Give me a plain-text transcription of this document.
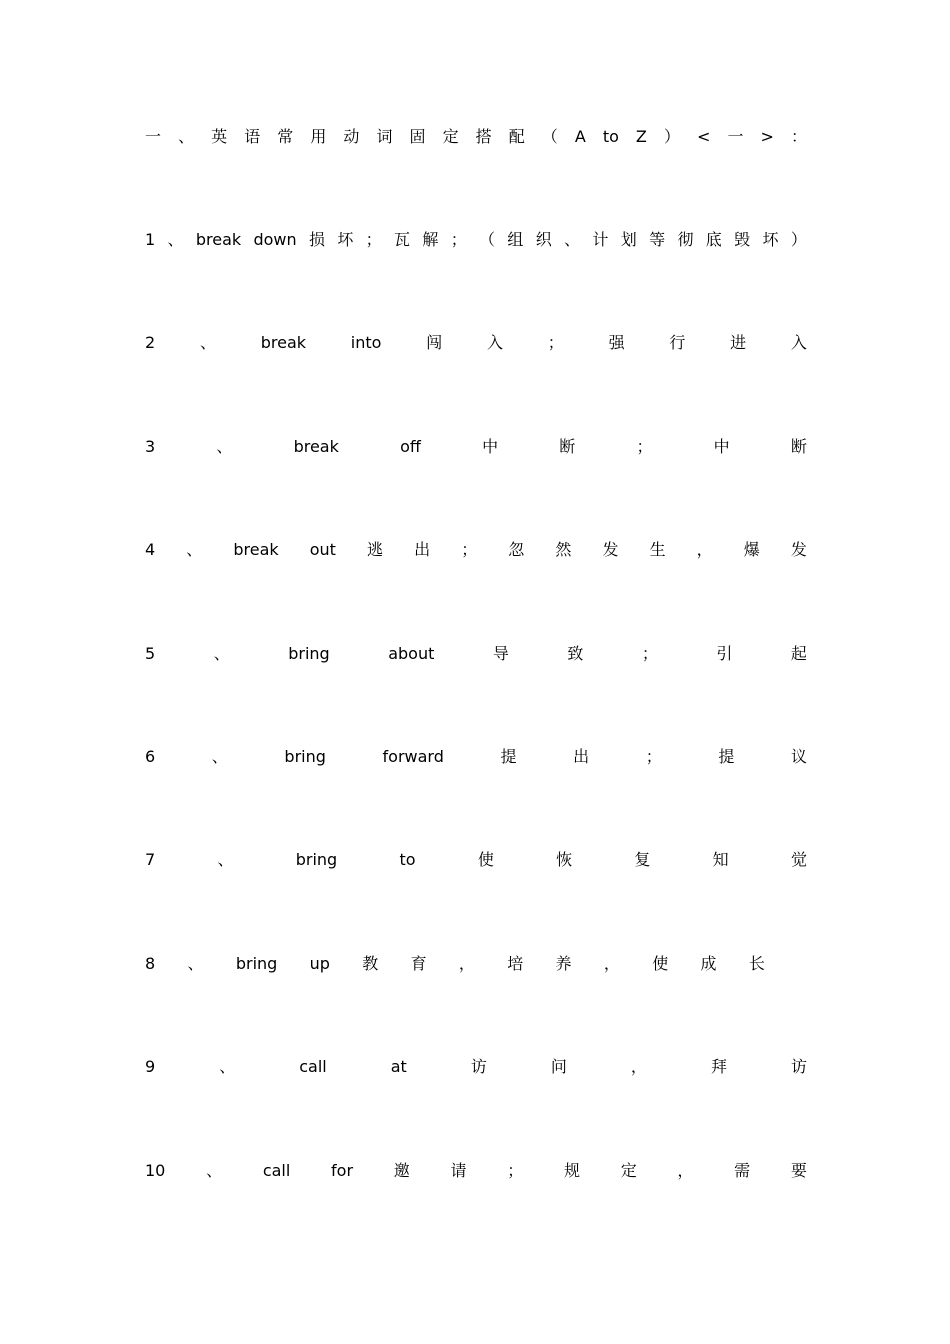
一 、 英 语 常 用 动 词 固 定 搭 配 （ A to Z ） < 一 > ：
1 、 break down 损 坏 ； 瓦 解 ； （ 组 织 、 计 划 等 彻 底 毁 坏 ）
2	、	break	into	闯	入	；	强	行	进	入
3	、	break	off	中	断	；	中	断
4 、 break out 逃 出 ； 忽 然 发 生 ， 爆 发
5	、	bring	about	导	致	；	引	起
6	、	bring	forward	提	出	；	提	议
7	、	bring	to	使	恢	复	知	觉
8 、 bring up 教 育 ， 培 养 ， 使 成 长
9	、	call	at	访	问	，	拜	访
10	、	call	for	邀	请	；	规	定	，	需	要
